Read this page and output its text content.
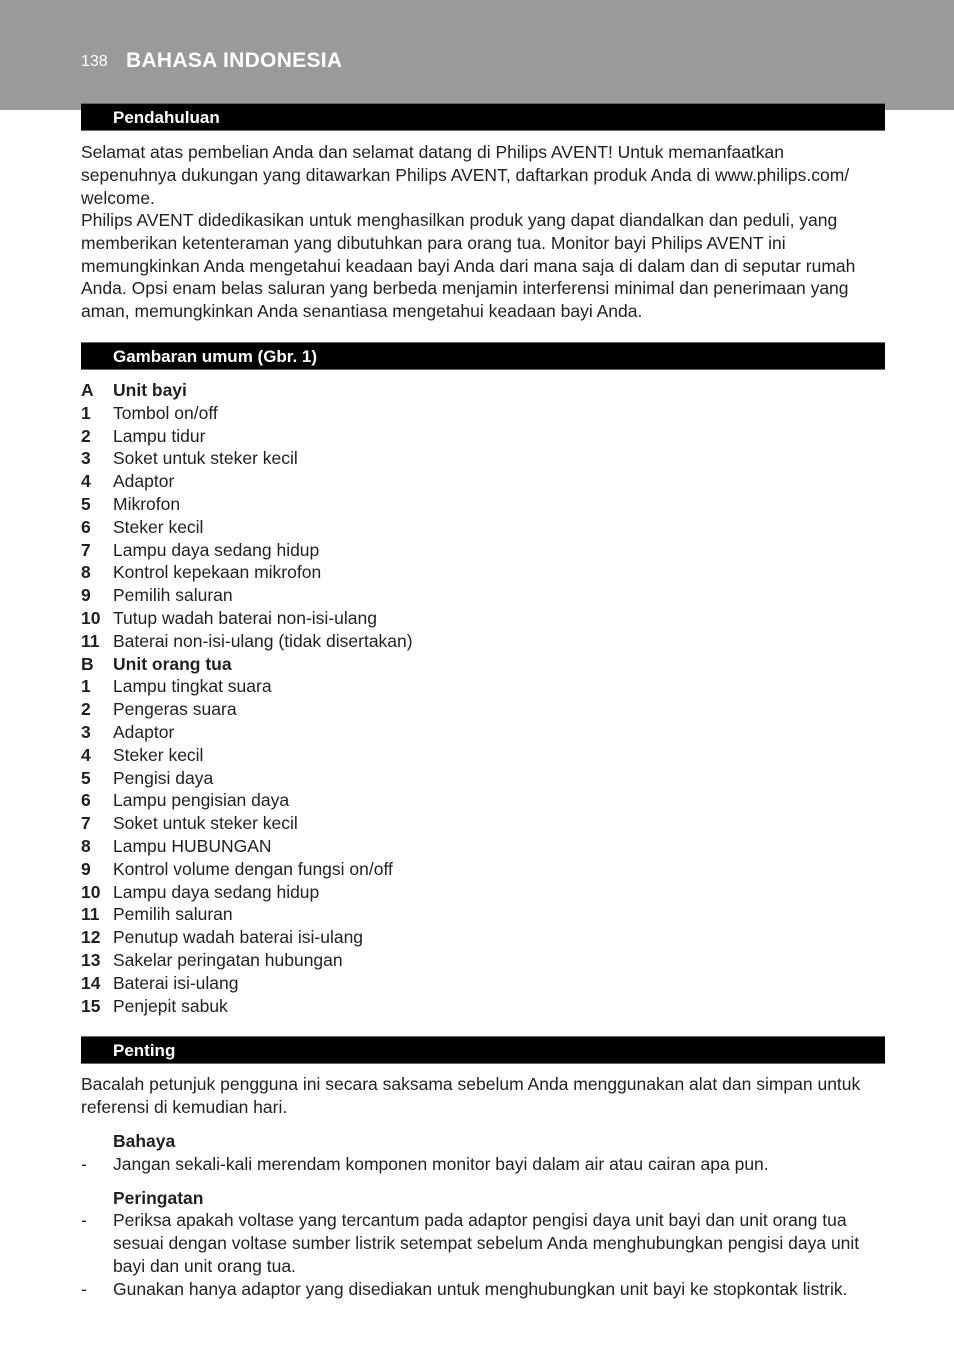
138 BAHASA INDONESIA
Pendahuluan

Selamat atas pembelian Anda dan selamat datang di Philips AVENT! Untuk memanfaatkan sepenuhnya dukungan yang ditawarkan Philips AVENT, daftarkan produk Anda di www.philips.com/ welcome.

Philips AVENT didedikasikan untuk menghasilkan produk yang dapat diandalkan dan peduli, yang memberikan ketenteraman yang dibutuhkan para orang tua. Monitor bayi Philips AVENT ini memungkinkan Anda mengetahui keadaan bayi Anda dari mana saja di dalam dan di seputar rumah Anda. Opsi enam belas saluran yang berbeda menjamin interferensi minimal dan penerimaan yang aman, memungkinkan Anda senantiasa mengetahui keadaan bayi Anda.

Gambaran umum (Gbr. 1)
A Unit bayi
1 Tombol on/off
2 Lampu tidur
3 Soket untuk steker kecil
4 Adaptor
5 Mikrofon
6 Steker kecil
7 Lampu daya sedang hidup
8 Kontrol kepekaan mikrofon
9 Pemilih saluran
10 Tutup wadah baterai non-isi-ulang
11 Baterai non-isi-ulang (tidak disertakan)
B Unit orang tua
1 Lampu tingkat suara
2 Pengeras suara
3 Adaptor
4 Steker kecil
5 Pengisi daya
6 Lampu pengisian daya
7 Soket untuk steker kecil
8 Lampu HUBUNGAN
9 Kontrol volume dengan fungsi on/off
10 Lampu daya sedang hidup
11 Pemilih saluran
12 Penutup wadah baterai isi-ulang
13 Sakelar peringatan hubungan
14 Baterai isi-ulang
15 Penjepit sabuk
Penting

Bacalah petunjuk pengguna ini secara saksama sebelum Anda menggunakan alat dan simpan untuk referensi di kemudian hari.

Bahaya
- Jangan sekali-kali merendam komponen monitor bayi dalam air atau cairan apa pun.
Peringatan
- Periksa apakah voltase yang tercantum pada adaptor pengisi daya unit bayi dan unit orang tua sesuai dengan voltase sumber listrik setempat sebelum Anda menghubungkan pengisi daya unit bayi dan unit orang tua.
- Gunakan hanya adaptor yang disediakan untuk menghubungkan unit bayi ke stopkontak listrik.
